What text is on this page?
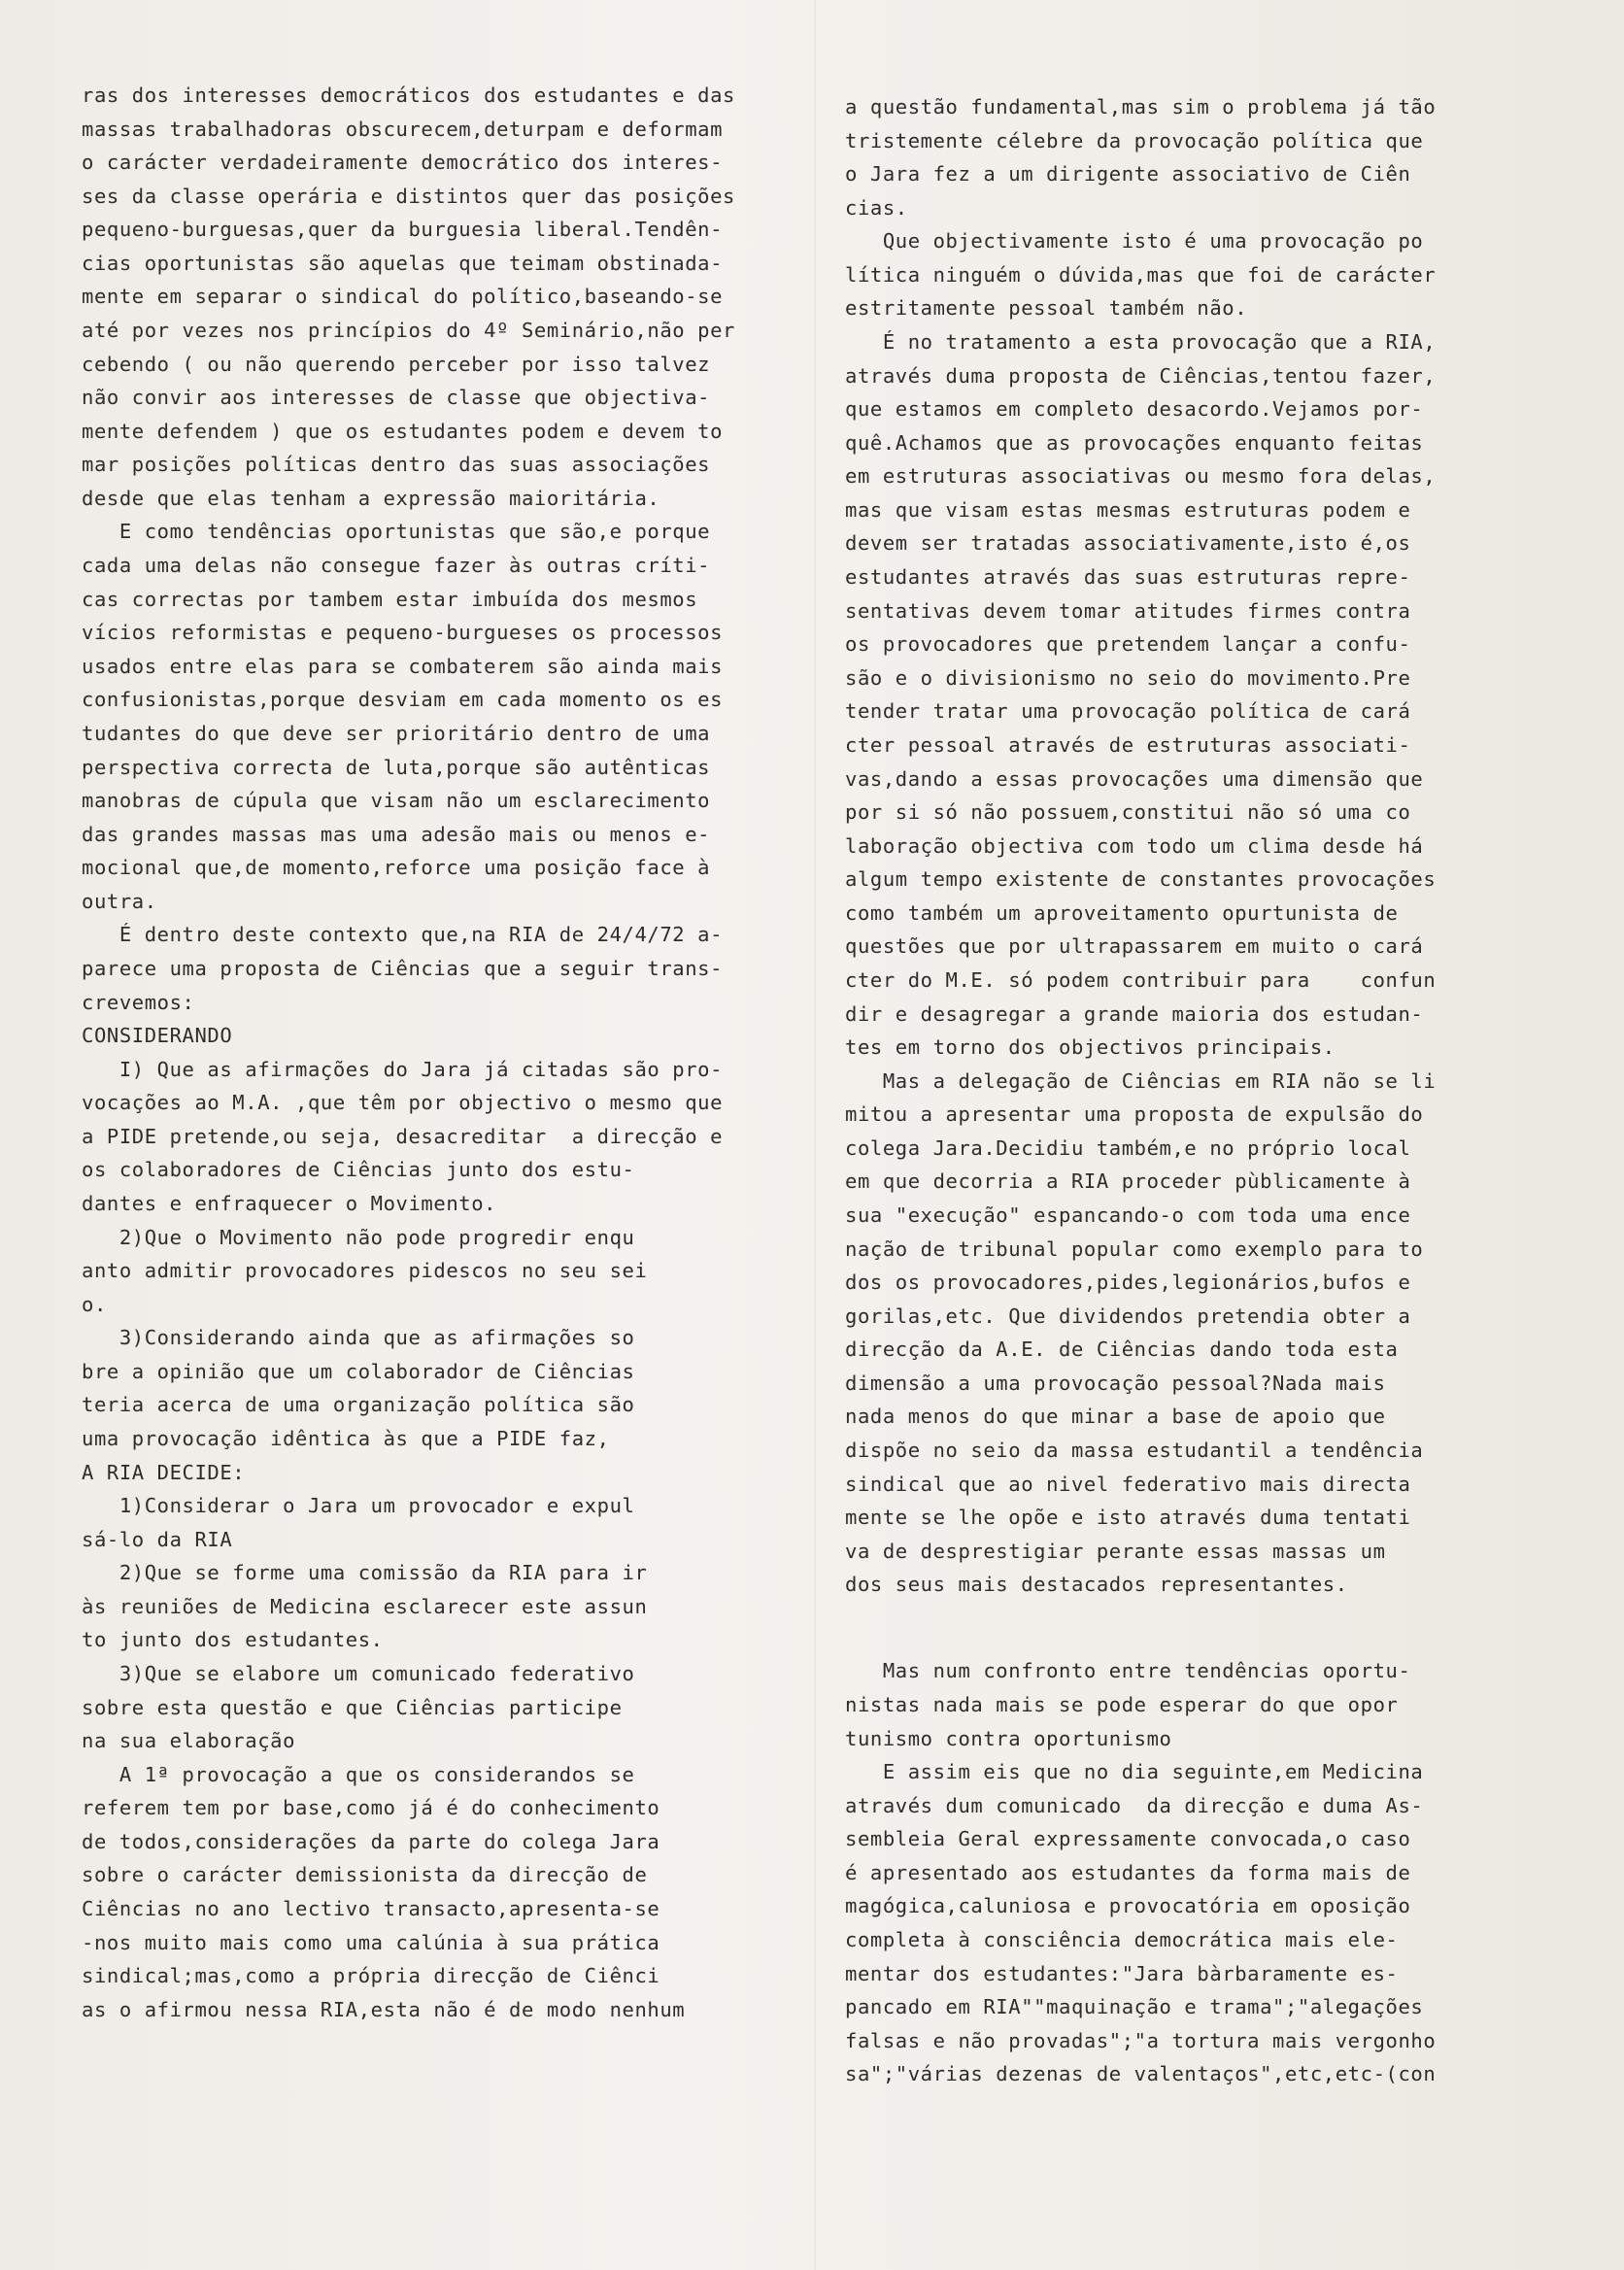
ras dos interesses democráticos dos estudantes e das
massas trabalhadoras obscurecem,deturpam e deformam
o carácter verdadeiramente democrático dos interes-
ses da classe operária e distintos quer das posições
pequeno-burguesas,quer da burguesia liberal.Tendên-
cias oportunistas são aquelas que teimam obstinada-
mente em separar o sindical do político,baseando-se
até por vezes nos princípios do 4º Seminário,não per
cebendo ( ou não querendo perceber por isso talvez
não convir aos interesses de classe que objectiva-
mente defendem ) que os estudantes podem e devem to
mar posições políticas dentro das suas associações
desde que elas tenham a expressão maioritária.
E como tendências oportunistas que são,e porque
cada uma delas não consegue fazer às outras críti-
cas correctas por tambem estar imbuída dos mesmos
vícios reformistas e pequeno-burgueses os processos
usados entre elas para se combaterem são ainda mais
confusionistas,porque desviam em cada momento os es
tudantes do que deve ser prioritário dentro de uma
perspectiva correcta de luta,porque são autênticas
manobras de cúpula que visam não um esclarecimento
das grandes massas mas uma adesão mais ou menos e-
mocional que,de momento,reforce uma posição face à
outra.
É dentro deste contexto que,na RIA de 24/4/72 a-
parece uma proposta de Ciências que a seguir trans-
crevemos:
CONSIDERANDO
I) Que as afirmações do Jara já citadas são pro-
vocações ao M.A. ,que têm por objectivo o mesmo que
a PIDE pretende,ou seja, desacreditar  a direcção e
os colaboradores de Ciências junto dos estu-
dantes e enfraquecer o Movimento.
2)Que o Movimento não pode progredir enqu
anto admitir provocadores pidescos no seu sei
o.
3)Considerando ainda que as afirmações so
bre a opinião que um colaborador de Ciências
teria acerca de uma organização política são
uma provocação idêntica às que a PIDE faz,
A RIA DECIDE:
1)Considerar o Jara um provocador e expul
sá-lo da RIA
2)Que se forme uma comissão da RIA para ir
às reuniões de Medicina esclarecer este assun
to junto dos estudantes.
3)Que se elabore um comunicado federativo
sobre esta questão e que Ciências participe
na sua elaboração
A 1ª provocação a que os considerandos se
referem tem por base,como já é do conhecimento
de todos,considerações da parte do colega Jara
sobre o carácter demissionista da direcção de
Ciências no ano lectivo transacto,apresenta-se
-nos muito mais como uma calúnia à sua prática
sindical;mas,como a própria direcção de Ciênci
as o afirmou nessa RIA,esta não é de modo nenhum
a questão fundamental,mas sim o problema já tão
tristemente célebre da provocação política que
o Jara fez a um dirigente associativo de Ciên
cias.
Que objectivamente isto é uma provocação po
lítica ninguém o dúvida,mas que foi de carácter
estritamente pessoal também não.
É no tratamento a esta provocação que a RIA,
através duma proposta de Ciências,tentou fazer,
que estamos em completo desacordo.Vejamos por-
quê.Achamos que as provocações enquanto feitas
em estruturas associativas ou mesmo fora delas,
mas que visam estas mesmas estruturas podem e
devem ser tratadas associativamente,isto é,os
estudantes através das suas estruturas repre-
sentativas devem tomar atitudes firmes contra
os provocadores que pretendem lançar a confu-
são e o divisionismo no seio do movimento.Pre
tender tratar uma provocação política de cará
cter pessoal através de estruturas associati-
vas,dando a essas provocações uma dimensão que
por si só não possuem,constitui não só uma co
laboração objectiva com todo um clima desde há
algum tempo existente de constantes provocações
como também um aproveitamento opurtunista de
questões que por ultrapassarem em muito o cará
cter do M.E. só podem contribuir para    confun
dir e desagregar a grande maioria dos estudan-
tes em torno dos objectivos principais.
Mas a delegação de Ciências em RIA não se li
mitou a apresentar uma proposta de expulsão do
colega Jara.Decidiu também,e no próprio local
em que decorria a RIA proceder pùblicamente à
sua "execução" espancando-o com toda uma ence
nação de tribunal popular como exemplo para to
dos os provocadores,pides,legionários,bufos e
gorilas,etc. Que dividendos pretendia obter a
direcção da A.E. de Ciências dando toda esta
dimensão a uma provocação pessoal?Nada mais
nada menos do que minar a base de apoio que
dispõe no seio da massa estudantil a tendência
sindical que ao nivel federativo mais directa
mente se lhe opõe e isto através duma tentati
va de desprestigiar perante essas massas um
dos seus mais destacados representantes.
Mas num confronto entre tendências oportu-
nistas nada mais se pode esperar do que opor
tunismo contra oportunismo
E assim eis que no dia seguinte,em Medicina
através dum comunicado  da direcção e duma As-
sembleia Geral expressamente convocada,o caso
é apresentado aos estudantes da forma mais de
magógica,caluniosa e provocatória em oposição
completa à consciência democrática mais ele-
mentar dos estudantes:"Jara bàrbaramente es-
pancado em RIA""maquinação e trama";"alegações
falsas e não provadas";"a tortura mais vergonho
sa";"várias dezenas de valentaços",etc,etc-(con
